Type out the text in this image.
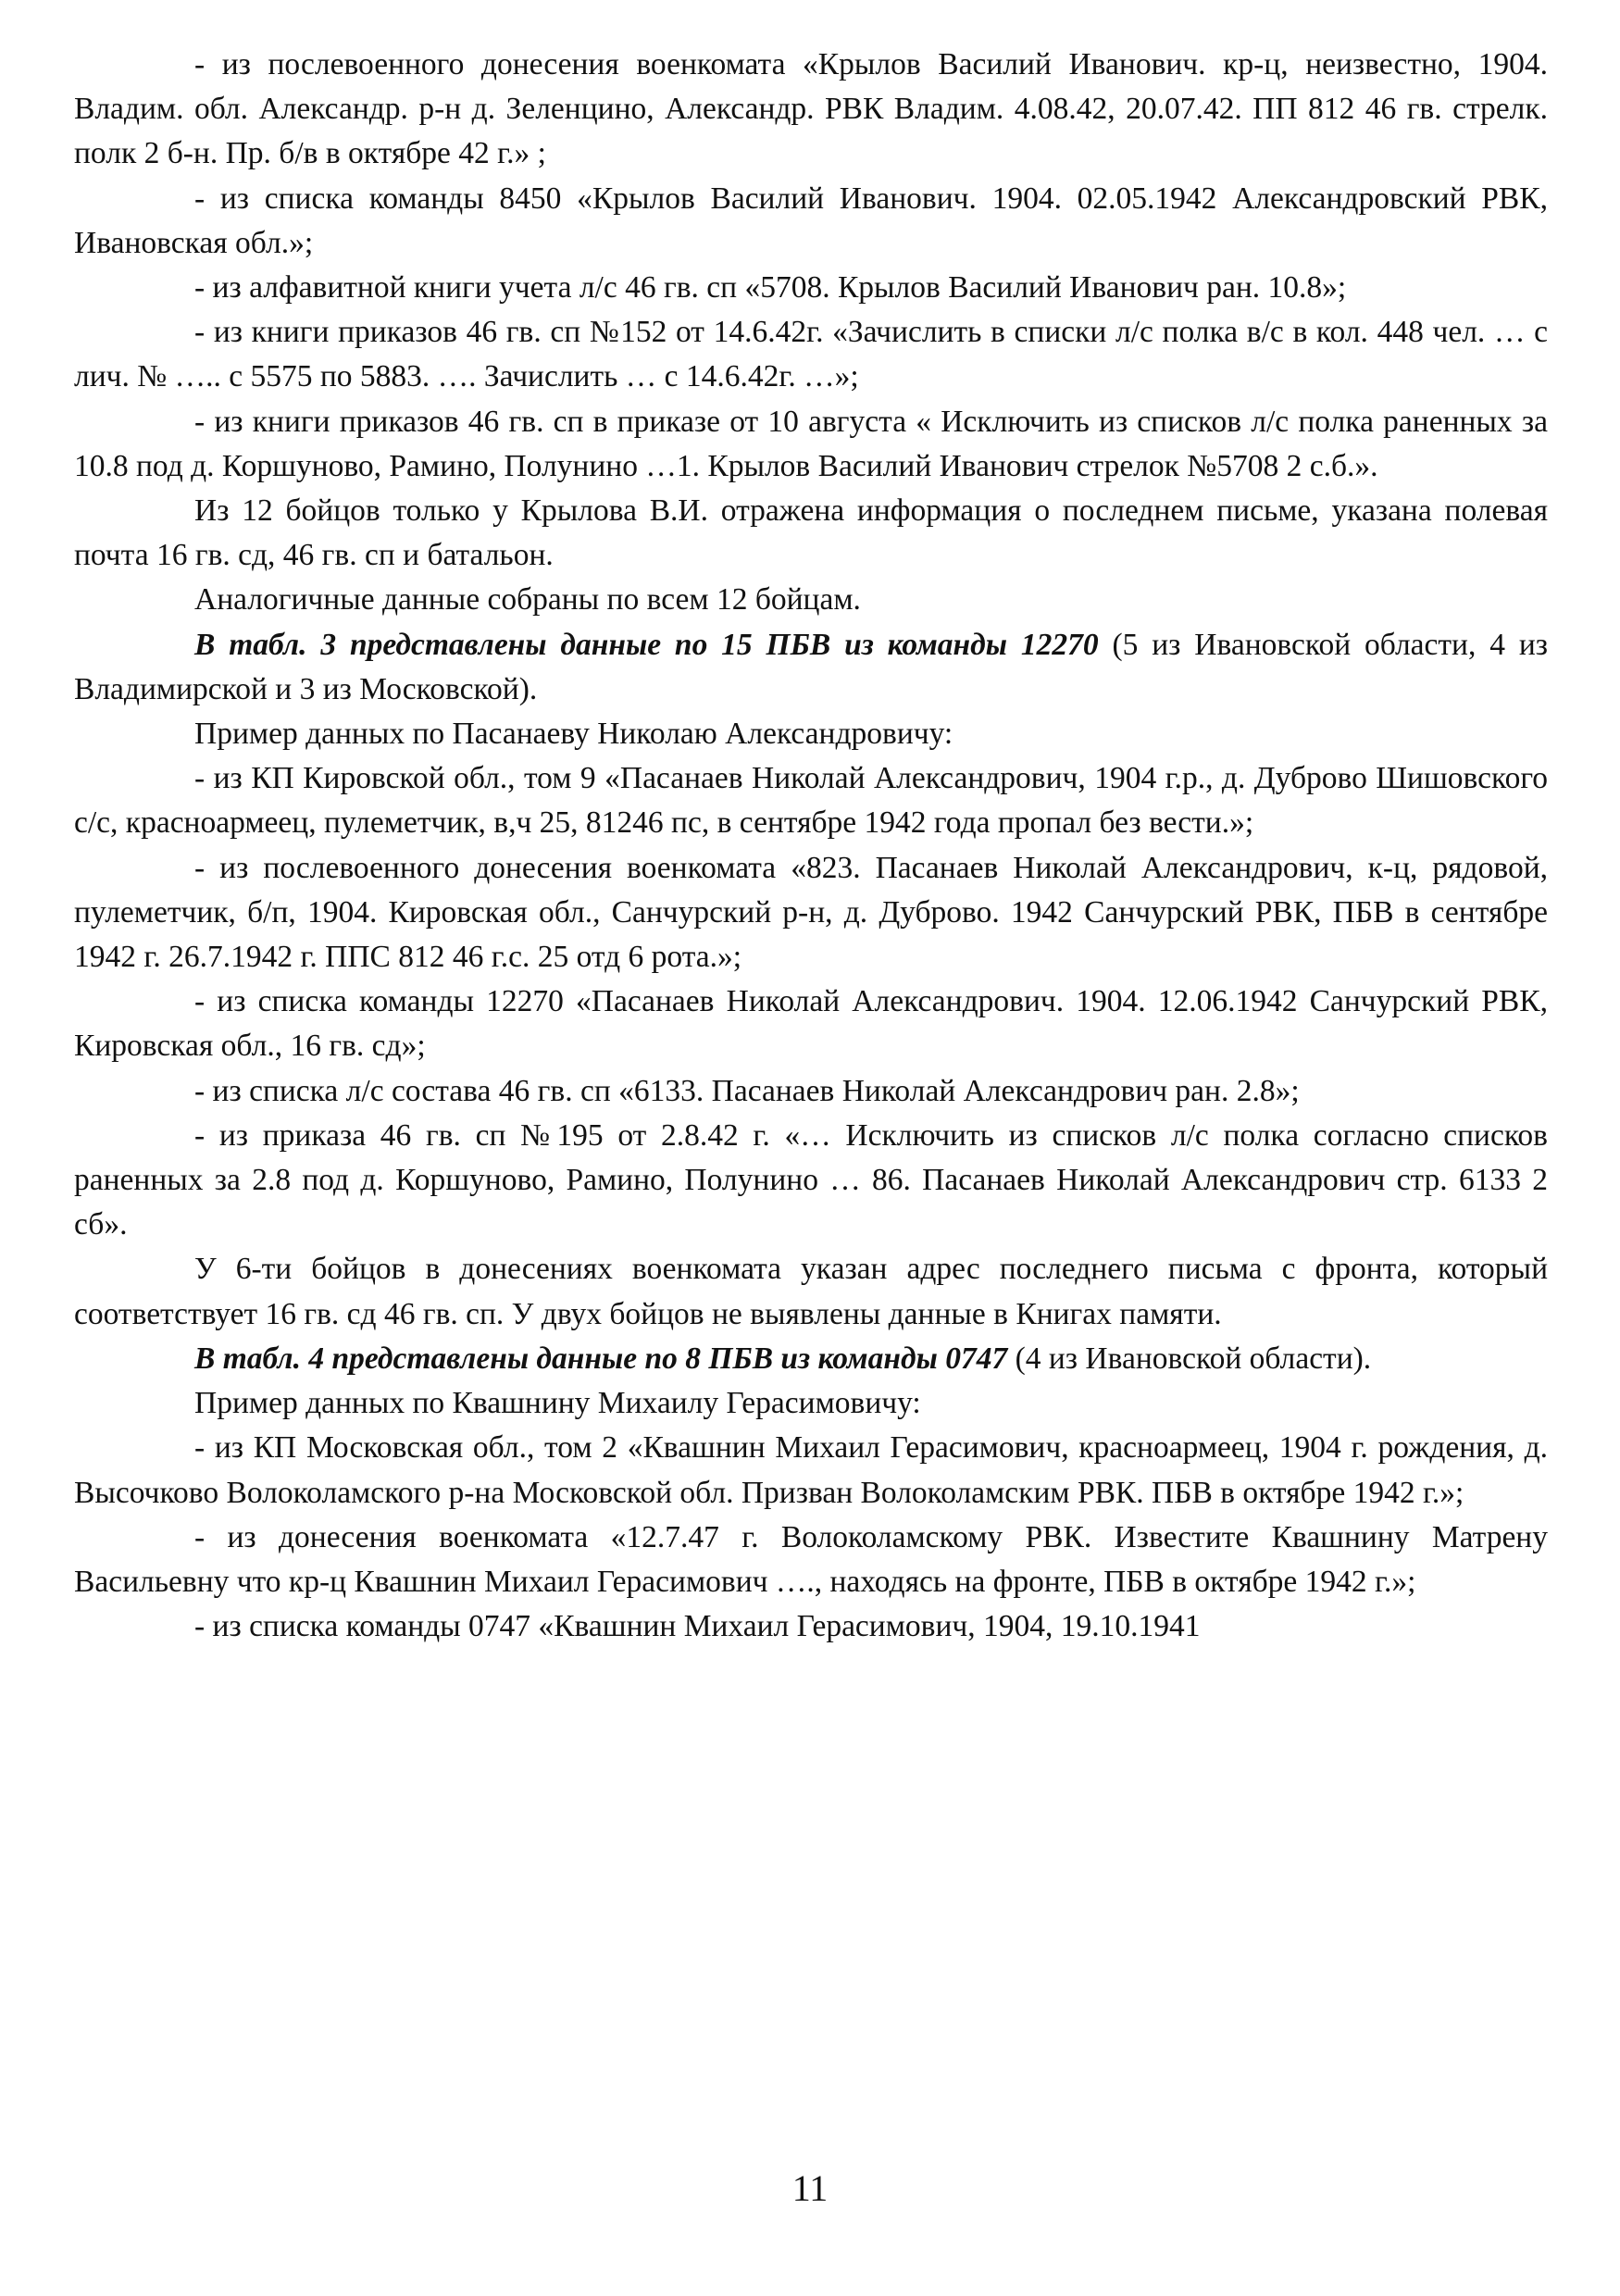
- из послевоенного донесения военкомата «Крылов Василий Иванович. кр-ц, неизвестно, 1904. Владим. обл. Александр. р-н д. Зеленцино, Александр. РВК Владим. 4.08.42, 20.07.42. ПП 812 46 гв. стрелк. полк 2 б-н. Пр. б/в в октябре 42 г.» ;

- из списка команды 8450 «Крылов Василий Иванович. 1904. 02.05.1942 Александровский РВК, Ивановская обл.»;

- из алфавитной книги учета л/с 46 гв. сп «5708. Крылов Василий Иванович ран. 10.8»;

- из книги приказов 46 гв. сп №152 от 14.6.42г. «Зачислить в списки л/с полка в/с в кол. 448 чел. … с лич. № ….. с 5575 по 5883. …. Зачислить … с 14.6.42г. …»;

- из книги приказов 46 гв. сп в приказе от 10 августа « Исключить из списков л/с полка раненных за 10.8 под д. Коршуново, Рамино, Полунино …1. Крылов Василий Иванович стрелок №5708 2 с.б.».

Из 12 бойцов только у Крылова В.И. отражена информация о последнем письме, указана полевая почта 16 гв. сд, 46 гв. сп и батальон.

Аналогичные данные собраны по всем 12 бойцам.

В табл. 3 представлены данные по 15 ПБВ из команды 12270 (5 из Ивановской области, 4 из Владимирской и 3 из Московской).

Пример данных по Пасанаеву Николаю Александровичу:

- из КП Кировской обл., том 9 «Пасанаев Николай Александрович, 1904 г.р., д. Дуброво Шишовского с/с, красноармеец, пулеметчик, в,ч 25, 81246 пс, в сентябре 1942 года пропал без вести.»;

- из послевоенного донесения военкомата «823. Пасанаев Николай Александрович, к-ц, рядовой, пулеметчик, б/п, 1904. Кировская обл., Санчурский р-н, д. Дуброво. 1942 Санчурский РВК, ПБВ в сентябре 1942 г. 26.7.1942 г. ППС 812 46 г.с. 25 отд 6 рота.»;

- из списка команды 12270 «Пасанаев Николай Александрович. 1904. 12.06.1942 Санчурский РВК, Кировская обл., 16 гв. сд»;

- из списка л/с состава 46 гв. сп «6133. Пасанаев Николай Александрович ран. 2.8»;

- из приказа 46 гв. сп №195 от 2.8.42 г. «… Исключить из списков л/с полка согласно списков раненных за 2.8 под д. Коршуново, Рамино, Полунино … 86. Пасанаев Николай Александрович стр. 6133 2 сб».

У 6-ти бойцов в донесениях военкомата указан адрес последнего письма с фронта, который соответствует 16 гв. сд 46 гв. сп. У двух бойцов не выявлены данные в Книгах памяти.

В табл. 4 представлены данные по 8 ПБВ из команды 0747 (4 из Ивановской области).

Пример данных по Квашнину Михаилу Герасимовичу:

- из КП Московская обл., том 2 «Квашнин Михаил Герасимович, красноармеец, 1904 г. рождения, д. Высочково Волоколамского р-на Московской обл. Призван Волоколамским РВК. ПБВ в октябре 1942 г.»;

- из донесения военкомата «12.7.47 г. Волоколамскому РВК. Известите Квашнину Матрену Васильевну что кр-ц Квашнин Михаил Герасимович …., находясь на фронте, ПБВ в октябре 1942 г.»;

- из списка команды 0747 «Квашнин Михаил Герасимович, 1904, 19.10.1941

11
